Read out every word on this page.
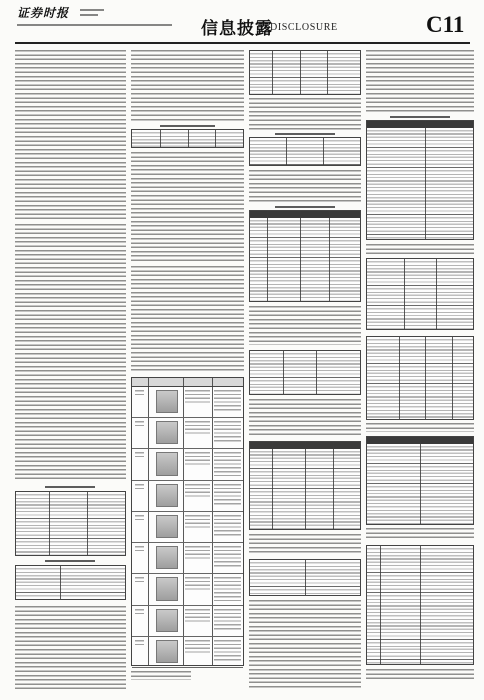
证券时报
信息披露
DISCLOSURE	C11
